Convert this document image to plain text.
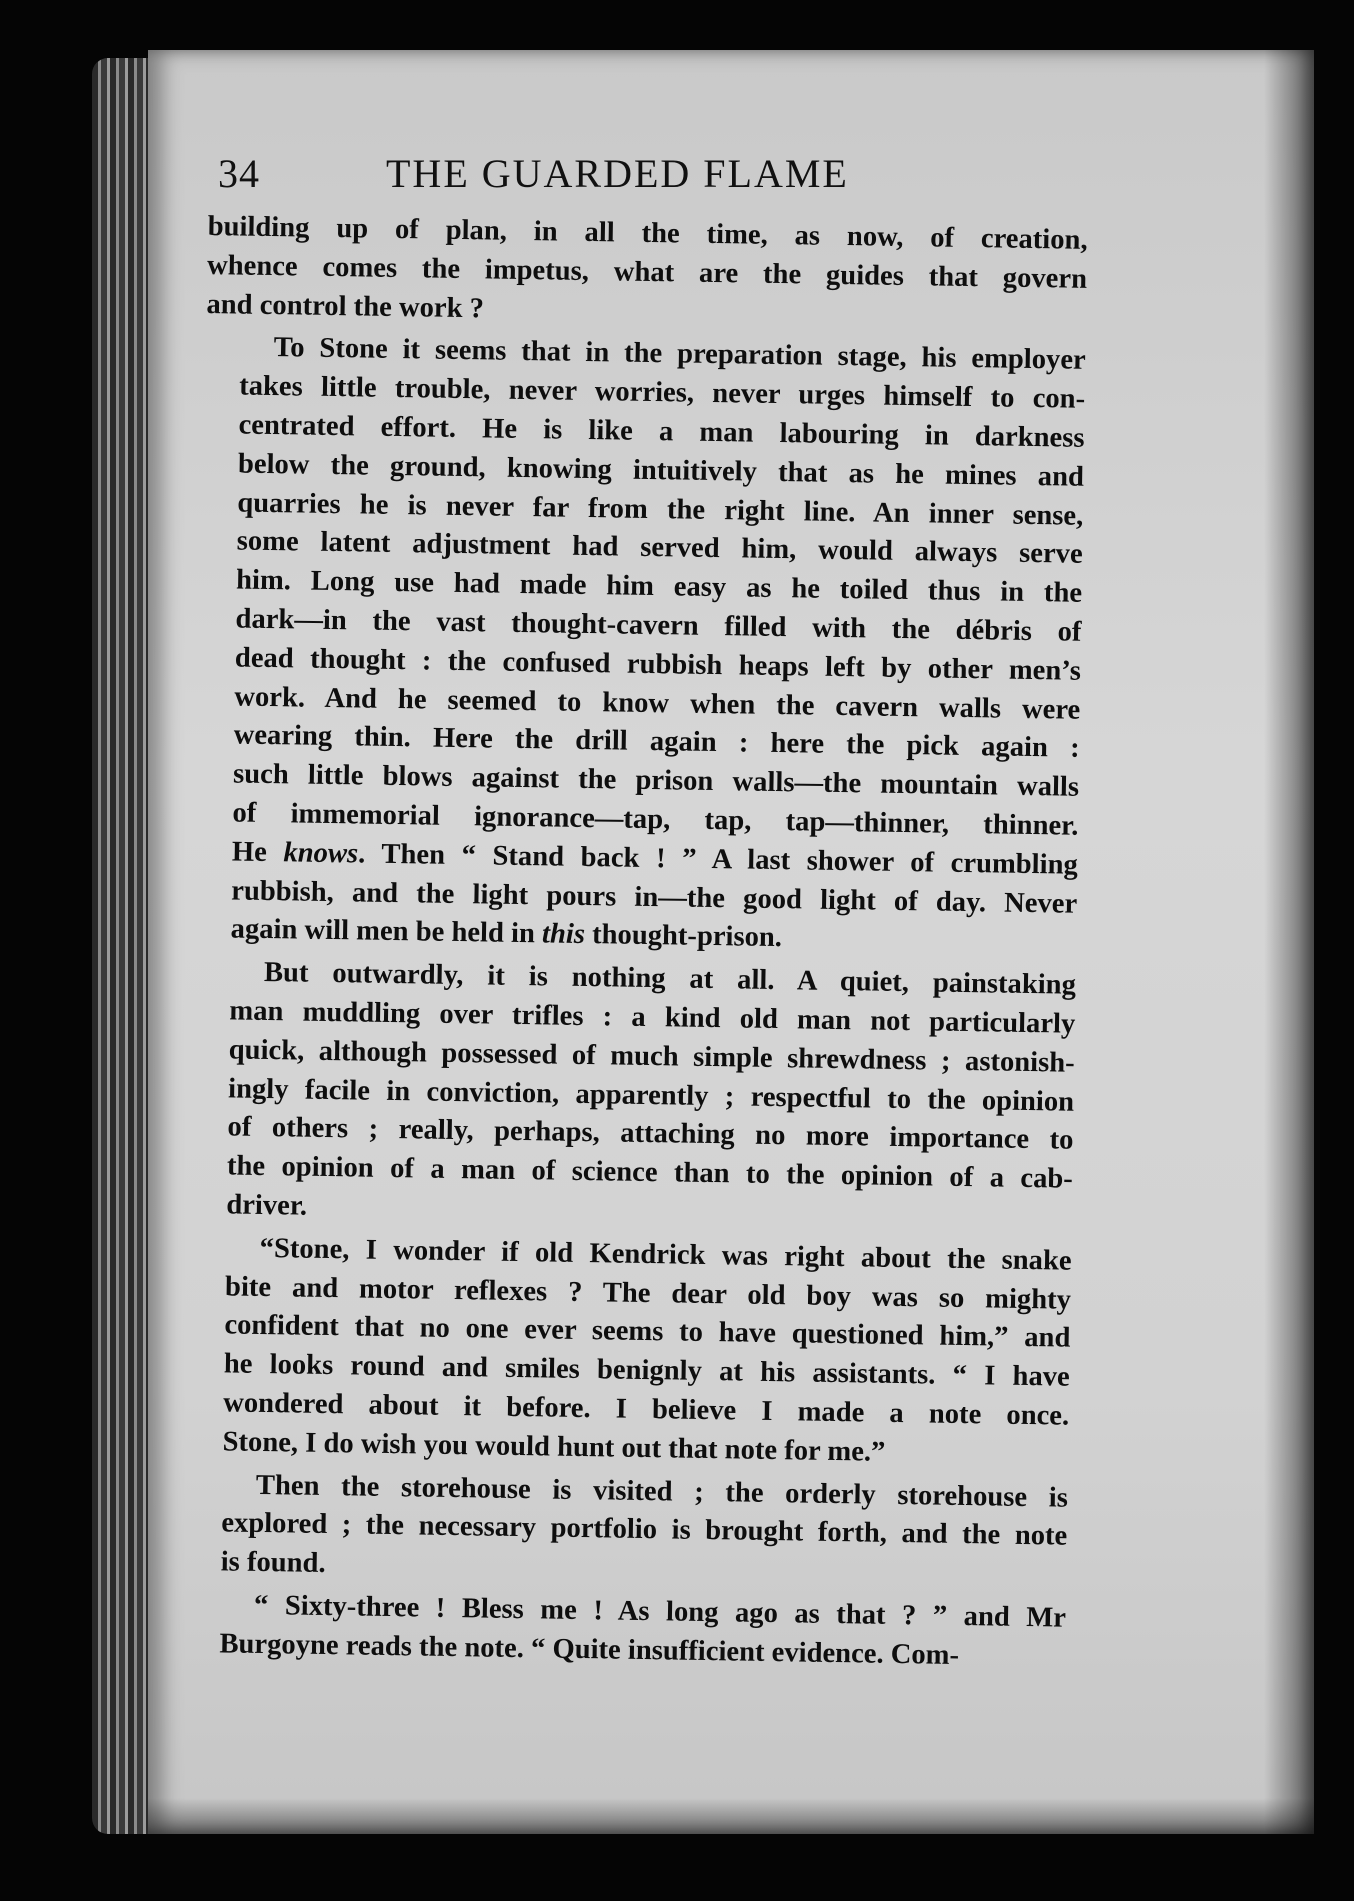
34	THE GUARDED FLAME

building up of plan, in all the time, as now, of creation,
whence comes the impetus, what are the guides that govern
and control the work ?

To Stone it seems that in the preparation stage, his employer
takes little trouble, never worries, never urges himself to con-
centrated effort. He is like a man labouring in darkness
below the ground, knowing intuitively that as he mines and
quarries he is never far from the right line. An inner sense,
some latent adjustment had served him, would always serve
him. Long use had made him easy as he toiled thus in the
dark—in the vast thought-cavern filled with the débris of
dead thought : the confused rubbish heaps left by other men’s
work. And he seemed to know when the cavern walls were
wearing thin. Here the drill again : here the pick again :
such little blows against the prison walls—the mountain walls
of immemorial ignorance—tap, tap, tap—thinner, thinner.
He knows. Then “ Stand back ! ” A last shower of crumbling
rubbish, and the light pours in—the good light of day. Never
again will men be held in this thought-prison.

But outwardly, it is nothing at all. A quiet, painstaking
man muddling over trifles : a kind old man not particularly
quick, although possessed of much simple shrewdness ; astonish-
ingly facile in conviction, apparently ; respectful to the opinion
of others ; really, perhaps, attaching no more importance to
the opinion of a man of science than to the opinion of a cab-
driver.

“Stone, I wonder if old Kendrick was right about the snake
bite and motor reflexes ? The dear old boy was so mighty
confident that no one ever seems to have questioned him,” and
he looks round and smiles benignly at his assistants. “ I have
wondered about it before. I believe I made a note once.
Stone, I do wish you would hunt out that note for me.”

Then the storehouse is visited ; the orderly storehouse is
explored ; the necessary portfolio is brought forth, and the note
is found.

“ Sixty-three ! Bless me ! As long ago as that ? ” and Mr
Burgoyne reads the note. “ Quite insufficient evidence. Com-
